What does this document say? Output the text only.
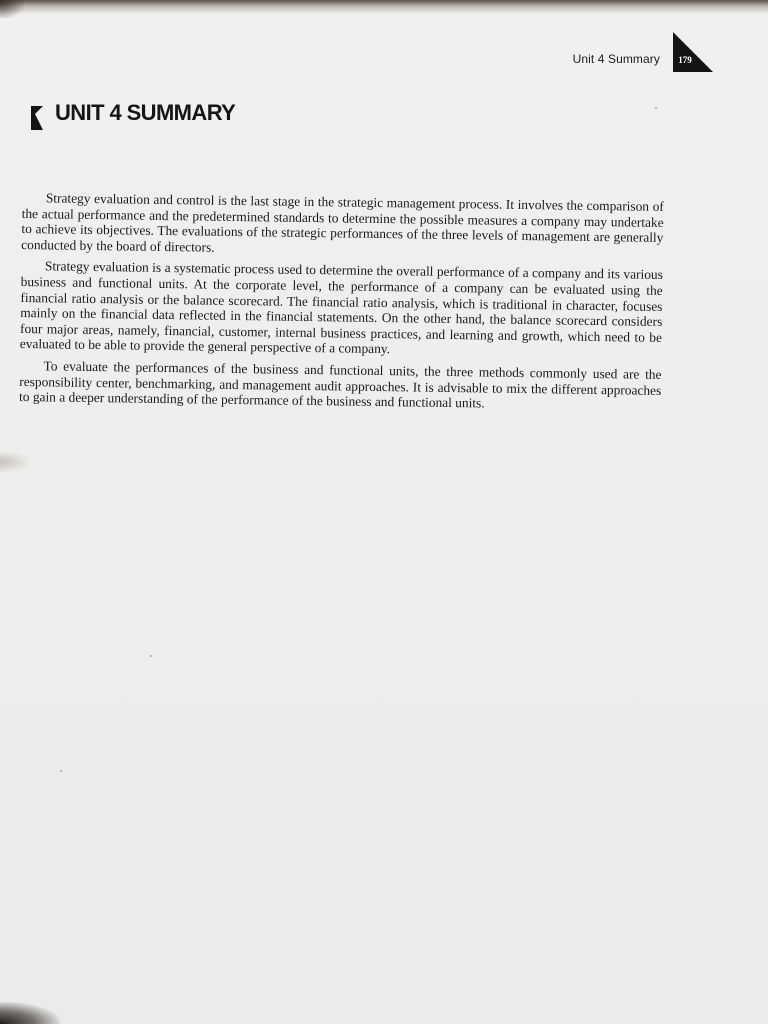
Unit 4 Summary	179
UNIT 4 SUMMARY

Strategy evaluation and control is the last stage in the strategic management process. It involves the comparison of the actual performance and the predetermined standards to determine the possible measures a company may undertake to achieve its objectives. The evaluations of the strategic performances of the three levels of management are generally conducted by the board of directors.

Strategy evaluation is a systematic process used to determine the overall performance of a company and its various business and functional units. At the corporate level, the performance of a company can be evaluated using the financial ratio analysis or the balance scorecard. The financial ratio analysis, which is traditional in character, focuses mainly on the financial data reflected in the financial statements. On the other hand, the balance scorecard considers four major areas, namely, financial, customer, internal business practices, and learning and growth, which need to be evaluated to be able to provide the general perspective of a company.

To evaluate the performances of the business and functional units, the three methods commonly used are the responsibility center, benchmarking, and management audit approaches. It is advisable to mix the different approaches to gain a deeper understanding of the performance of the business and functional units.
